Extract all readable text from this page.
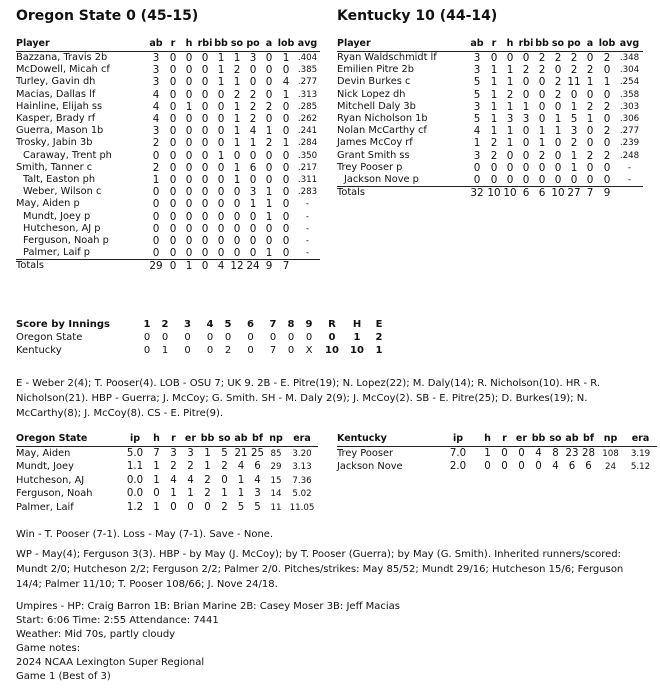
Oregon State 0 (45-15)	Kentucky 10 (44-14)
Player	ab	r	h	rbi	bb	so	po	a	lob	avg
Bazzana, Travis 2b	3	0	0	0	1	1	3	0	1	.404
McDowell, Micah cf	3	0	0	0	1	2	0	0	0	.385
Turley, Gavin dh	3	0	0	0	1	1	0	0	4	.277
Macias, Dallas lf	4	0	0	0	0	2	2	0	1	.313
Hainline, Elijah ss	4	0	1	0	0	1	2	2	0	.285
Kasper, Brady rf	4	0	0	0	0	1	2	0	0	.262
Guerra, Mason 1b	3	0	0	0	0	1	4	1	0	.241
Trosky, Jabin 3b	2	0	0	0	0	1	1	2	1	.284
Caraway, Trent ph	0	0	0	0	1	0	0	0	0	.350
Smith, Tanner c	2	0	0	0	0	1	6	0	0	.217
Talt, Easton ph	1	0	0	0	0	1	0	0	0	.311
Weber, Wilson c	0	0	0	0	0	0	3	1	0	.283
May, Aiden p	0	0	0	0	0	0	1	1	0	-
Mundt, Joey p	0	0	0	0	0	0	0	1	0	-
Hutcheson, AJ p	0	0	0	0	0	0	0	0	0	-
Ferguson, Noah p	0	0	0	0	0	0	0	0	0	-
Palmer, Laif p	0	0	0	0	0	0	0	1	0	-
Totals	29	0	1	0	4	12	24	9	7	
Player	ab	r	h	rbi	bb	so	po	a	lob	avg
Ryan Waldschmidt lf	3	0	0	0	2	2	2	0	2	.348
Emilien Pitre 2b	3	1	1	2	2	0	2	2	0	.304
Devin Burkes c	5	1	1	0	0	2	11	1	1	.254
Nick Lopez dh	5	1	2	0	0	2	0	0	0	.358
Mitchell Daly 3b	3	1	1	1	0	0	1	2	2	.303
Ryan Nicholson 1b	5	1	3	3	0	1	5	1	0	.306
Nolan McCarthy cf	4	1	1	0	1	1	3	0	2	.277
James McCoy rf	1	2	1	0	1	0	2	0	0	.239
Grant Smith ss	3	2	0	0	2	0	1	2	2	.248
Trey Pooser p	0	0	0	0	0	0	1	0	0	-
Jackson Nove p	0	0	0	0	0	0	0	0	0	-
Totals	32	10	10	6	6	10	27	7	9	
Score by Innings	1	2	3	4	5	6	7	8	9	R	H	E
Oregon State	0	0	0	0	0	0	0	0	0	0	1	2
Kentucky	0	1	0	0	2	0	7	0	X	10	10	1
E - Weber 2(4); T. Pooser(4). LOB - OSU 7; UK 9. 2B - E. Pitre(19); N. Lopez(22); M. Daly(14); R. Nicholson(10). HR - R. Nicholson(21). HBP - Guerra; J. McCoy; G. Smith. SH - M. Daly 2(9); J. McCoy(2). SB - E. Pitre(25); D. Burkes(19); N. McCarthy(8); J. McCoy(8). CS - E. Pitre(9).
Oregon State	ip	h	r	er	bb	so	ab	bf	np	era
May, Aiden	5.0	7	3	3	1	5	21	25	85	3.20
Mundt, Joey	1.1	1	2	2	1	2	4	6	29	3.13
Hutcheson, AJ	0.0	1	4	4	2	0	1	4	15	7.36
Ferguson, Noah	0.0	0	1	1	2	1	1	3	14	5.02
Palmer, Laif	1.2	1	0	0	0	2	5	5	11	11.05
Kentucky	ip	h	r	er	bb	so	ab	bf	np	era
Trey Pooser	7.0	1	0	0	4	8	23	28	108	3.19
Jackson Nove	2.0	0	0	0	0	4	6	6	24	5.12
Win - T. Pooser (7-1). Loss - May (7-1). Save - None.
WP - May(4); Ferguson 3(3). HBP - by May (J. McCoy); by T. Pooser (Guerra); by May (G. Smith). Inherited runners/scored: Mundt 2/0; Hutcheson 2/2; Ferguson 2/2; Palmer 2/0. Pitches/strikes: May 85/52; Mundt 29/16; Hutcheson 15/6; Ferguson 14/4; Palmer 11/10; T. Pooser 108/66; J. Nove 24/18.
Umpires - HP: Craig Barron 1B: Brian Marine 2B: Casey Moser 3B: Jeff Macias
Start: 6:06 Time: 2:55 Attendance: 7441
Weather: Mid 70s, partly cloudy
Game notes:
2024 NCAA Lexington Super Regional
Game 1 (Best of 3)
